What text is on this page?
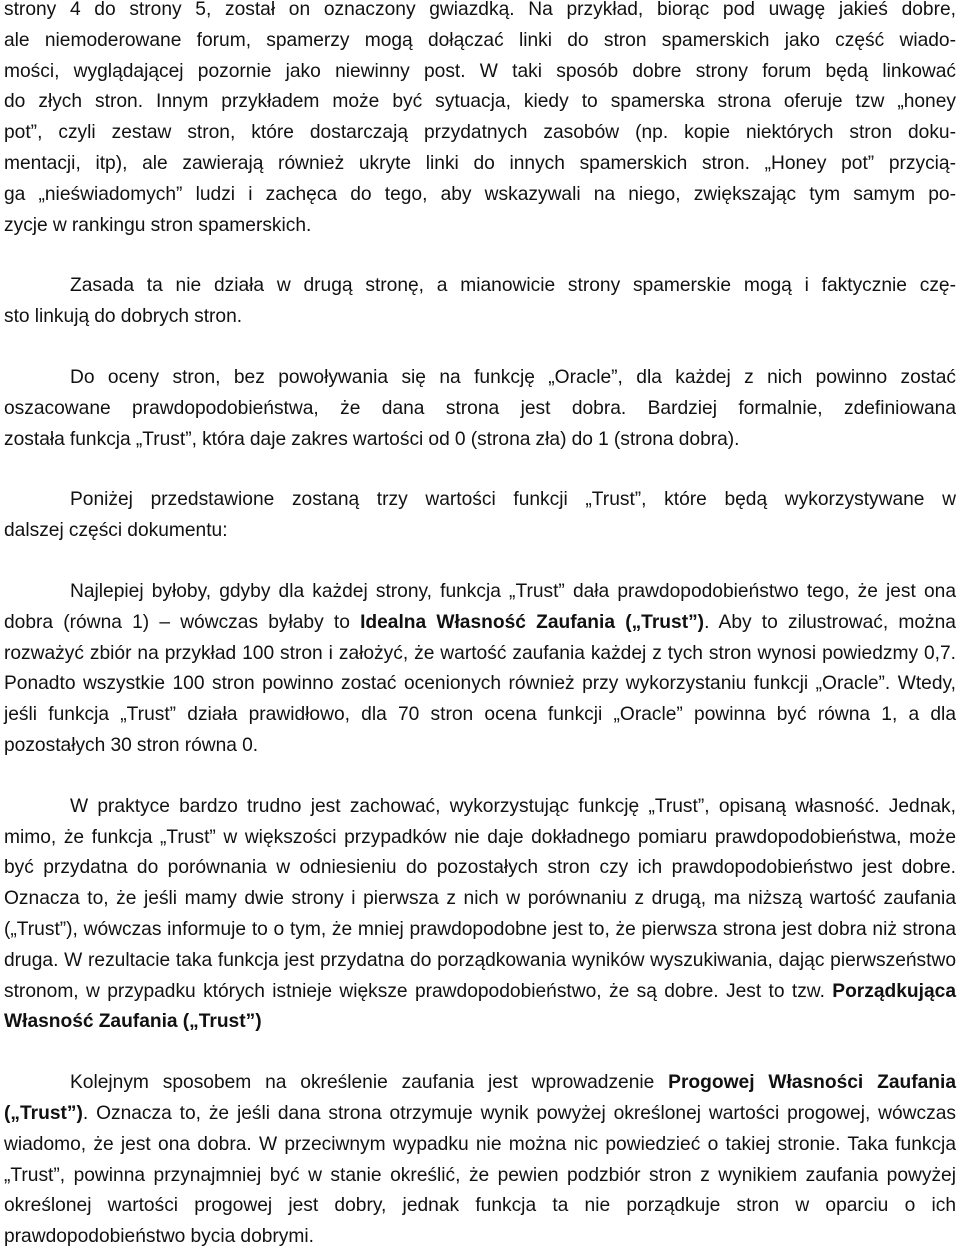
strony 4 do strony 5, został on oznaczony gwiazdką. Na przykład, biorąc pod uwagę jakieś dobre,

ale niemoderowane forum, spamerzy mogą dołączać linki do stron spamerskich jako część wiado-

mości, wyglądającej pozornie jako niewinny post. W taki sposób dobre strony forum będą linkować

do złych stron. Innym przykładem może być sytuacja, kiedy to spamerska strona oferuje tzw „honey

pot”, czyli zestaw stron, które dostarczają przydatnych zasobów (np. kopie niektórych stron doku-

mentacji, itp), ale zawierają również ukryte linki do innych spamerskich stron. „Honey pot” przycią-

ga „nieświadomych” ludzi i zachęca do tego, aby wskazywali na niego, zwiększając tym samym po-

zycje w rankingu stron spamerskich.

Zasada ta nie działa w drugą stronę, a mianowicie strony spamerskie mogą i faktycznie czę-

sto linkują do dobrych stron.

Do oceny stron, bez powoływania się na funkcję „Oracle”, dla każdej z nich powinno zostać

oszacowane prawdopodobieństwa, że dana strona jest dobra. Bardziej formalnie, zdefiniowana

została funkcja „Trust”, która daje zakres wartości od 0 (strona zła) do 1 (strona dobra).

Poniżej przedstawione zostaną trzy wartości funkcji „Trust”, które będą wykorzystywane w

dalszej części dokumentu:

Najlepiej byłoby, gdyby dla każdej strony, funkcja „Trust” dała prawdopodobieństwo tego, że jest ona dobra (równa 1) – wówczas byłaby to Idealna Własność Zaufania („Trust”). Aby to zilustrować, można rozważyć zbiór na przykład 100 stron i założyć, że wartość zaufania każdej z tych stron wynosi powiedzmy 0,7. Ponadto wszystkie 100 stron powinno zostać ocenionych również przy wykorzystaniu funkcji „Oracle”. Wtedy, jeśli funkcja „Trust” działa prawidłowo, dla 70 stron ocena funkcji „Oracle” powinna być równa 1, a dla pozostałych 30 stron równa 0.

W praktyce bardzo trudno jest zachować, wykorzystując funkcję „Trust”, opisaną własność. Jednak, mimo, że funkcja „Trust” w większości przypadków nie daje dokładnego pomiaru prawdopodobieństwa, może być przydatna do porównania w odniesieniu do pozostałych stron czy ich prawdopodobieństwo jest dobre. Oznacza to, że jeśli mamy dwie strony i pierwsza z nich w porównaniu z drugą, ma niższą wartość zaufania („Trust”), wówczas informuje to o tym, że mniej prawdopodobne jest to, że pierwsza strona jest dobra niż strona druga. W rezultacie taka funkcja jest przydatna do porządkowania wyników wyszukiwania, dając pierwszeństwo stronom, w przypadku których istnieje większe prawdopodobieństwo, że są dobre. Jest to tzw. Porządkująca Własność Zaufania („Trust”)

Kolejnym sposobem na określenie zaufania jest wprowadzenie Progowej Własności Zaufania („Trust”). Oznacza to, że jeśli dana strona otrzymuje wynik powyżej określonej wartości progowej, wówczas wiadomo, że jest ona dobra. W przeciwnym wypadku nie można nic powiedzieć o takiej stronie. Taka funkcja „Trust”, powinna przynajmniej być w stanie określić, że pewien podzbiór stron z wynikiem zaufania powyżej określonej wartości progowej jest dobry, jednak funkcja ta nie porządkuje stron w oparciu o ich prawdopodobieństwo bycia dobrymi.
